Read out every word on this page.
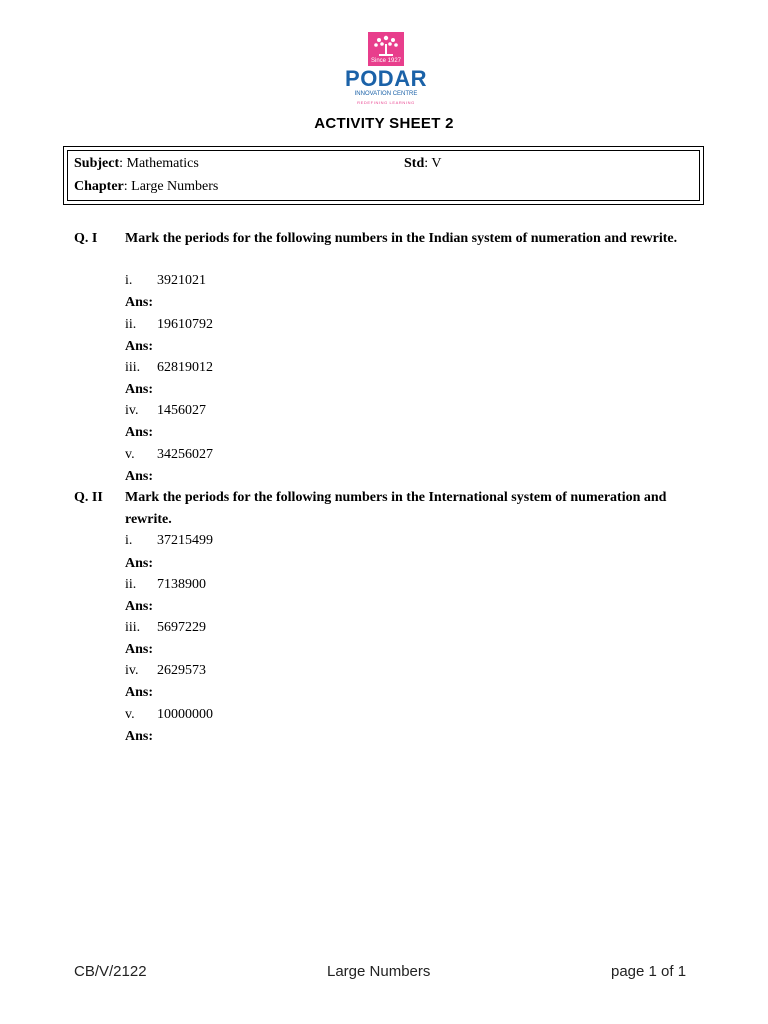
Since 1927
PODAR
INNOVATION CENTRE
REDEFINING LEARNING
ACTIVITY SHEET 2
Subject: Mathematics	Std: V
Chapter: Large Numbers
Q. I Mark the periods for the following numbers in the Indian system of numeration and rewrite.
i. 3921021
Ans:
ii. 19610792
Ans:
iii. 62819012
Ans:
iv. 1456027
Ans:
v. 34256027
Ans:
Q. II Mark the periods for the following numbers in the International system of numeration and rewrite.
i. 37215499
Ans:
ii. 7138900
Ans:
iii. 5697229
Ans:
iv. 2629573
Ans:
v. 10000000
Ans:
CB/V/2122	Large Numbers	page 1 of 1
